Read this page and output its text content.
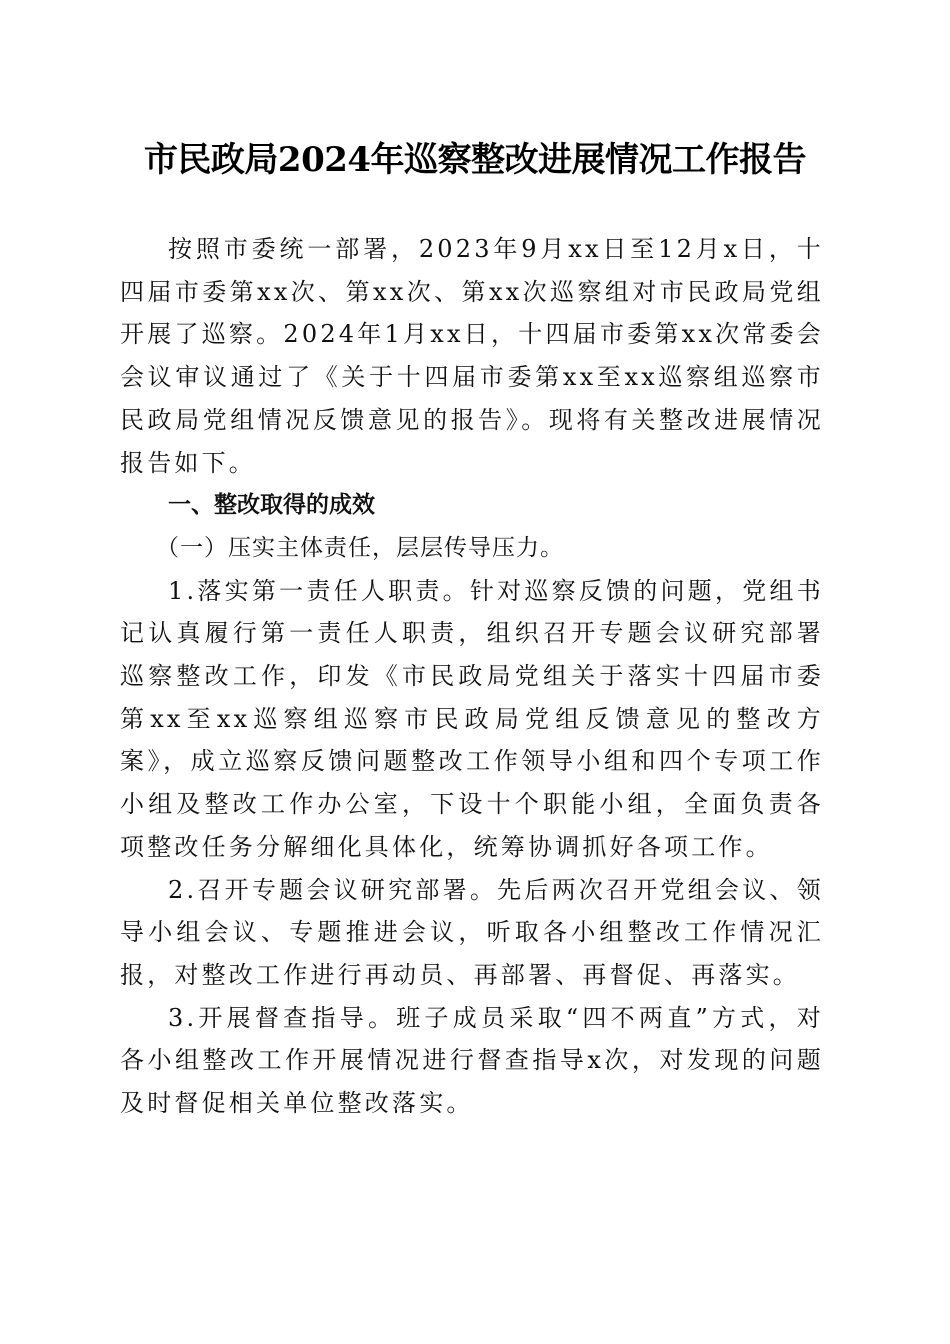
市民政局2024年巡察整改进展情况工作报告

按照市委统一部署，2023年9月xx日至12月x日，十四届市委第xx次、第xx次、第xx次巡察组对市民政局党组开展了巡察。2024年1月xx日，十四届市委第xx次常委会会议审议通过了《关于十四届市委第xx至xx巡察组巡察市民政局党组情况反馈意见的报告》。现将有关整改进展情况报告如下。

一、整改取得的成效

（一）压实主体责任，层层传导压力。

1.落实第一责任人职责。针对巡察反馈的问题，党组书记认真履行第一责任人职责，组织召开专题会议研究部署巡察整改工作，印发《市民政局党组关于落实十四届市委第xx至xx巡察组巡察市民政局党组反馈意见的整改方案》，成立巡察反馈问题整改工作领导小组和四个专项工作小组及整改工作办公室，下设十个职能小组，全面负责各项整改任务分解细化具体化，统筹协调抓好各项工作。

2.召开专题会议研究部署。先后两次召开党组会议、领导小组会议、专题推进会议，听取各小组整改工作情况汇报，对整改工作进行再动员、再部署、再督促、再落实。

3.开展督查指导。班子成员采取“四不两直”方式，对各小组整改工作开展情况进行督查指导x次，对发现的问题及时督促相关单位整改落实。
